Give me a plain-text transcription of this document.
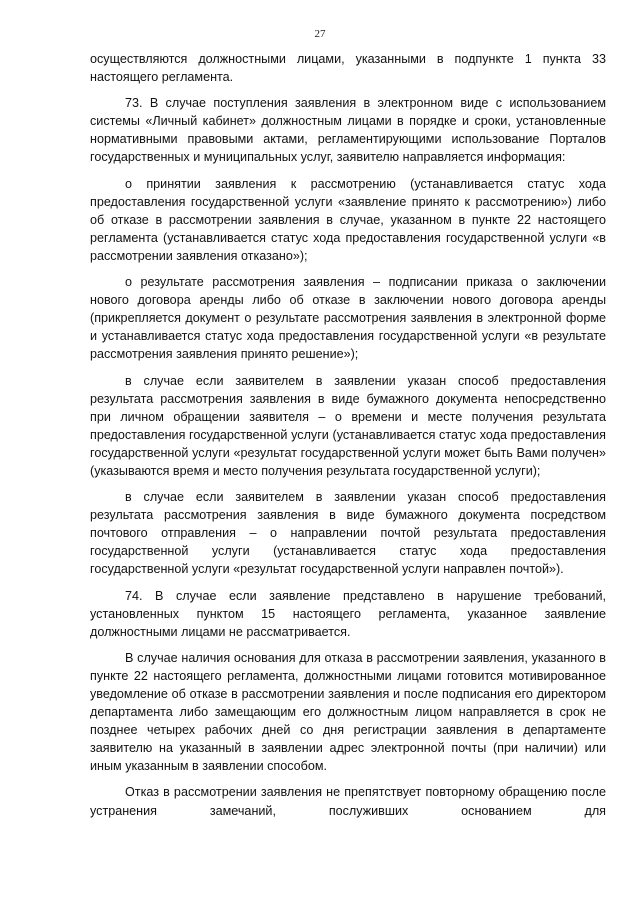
27

осуществляются должностными лицами, указанными в подпункте 1 пункта 33 настоящего регламента.

73. В случае поступления заявления в электронном виде с использованием системы «Личный кабинет» должностным лицами в порядке и сроки, установленные нормативными правовыми актами, регламентирующими использование Порталов государственных и муниципальных услуг, заявителю направляется информация:

о принятии заявления к рассмотрению (устанавливается статус хода предоставления государственной услуги «заявление принято к рассмотрению») либо об отказе в рассмотрении заявления в случае, указанном в пункте 22 настоящего регламента (устанавливается статус хода предоставления государственной услуги «в рассмотрении заявления отказано»);

о результате рассмотрения заявления – подписании приказа о заключении нового договора аренды либо об отказе в заключении нового договора аренды (прикрепляется документ о результате рассмотрения заявления в электронной форме и устанавливается статус хода предоставления государственной услуги «в результате рассмотрения заявления принято решение»);

в случае если заявителем в заявлении указан способ предоставления результата рассмотрения заявления в виде бумажного документа непосредственно при личном обращении заявителя – о времени и месте получения результата предоставления государственной услуги (устанавливается статус хода предоставления государственной услуги «результат государственной услуги может быть Вами получен» (указываются время и место получения результата государственной услуги);

в случае если заявителем в заявлении указан способ предоставления результата рассмотрения заявления в виде бумажного документа посредством почтового отправления – о направлении почтой результата предоставления государственной услуги (устанавливается статус хода предоставления государственной услуги «результат государственной услуги направлен почтой»).

74. В случае если заявление представлено в нарушение требований, установленных пунктом 15 настоящего регламента, указанное заявление должностными лицами не рассматривается.

В случае наличия основания для отказа в рассмотрении заявления, указанного в пункте 22 настоящего регламента, должностными лицами готовится мотивированное уведомление об отказе в рассмотрении заявления и после подписания его директором департамента либо замещающим его должностным лицом направляется в срок не позднее четырех рабочих дней со дня регистрации заявления в департаменте заявителю на указанный в заявлении адрес электронной почты (при наличии) или иным указанным в заявлении способом.

Отказ в рассмотрении заявления не препятствует повторному обращению после устранения замечаний, послуживших основанием для
